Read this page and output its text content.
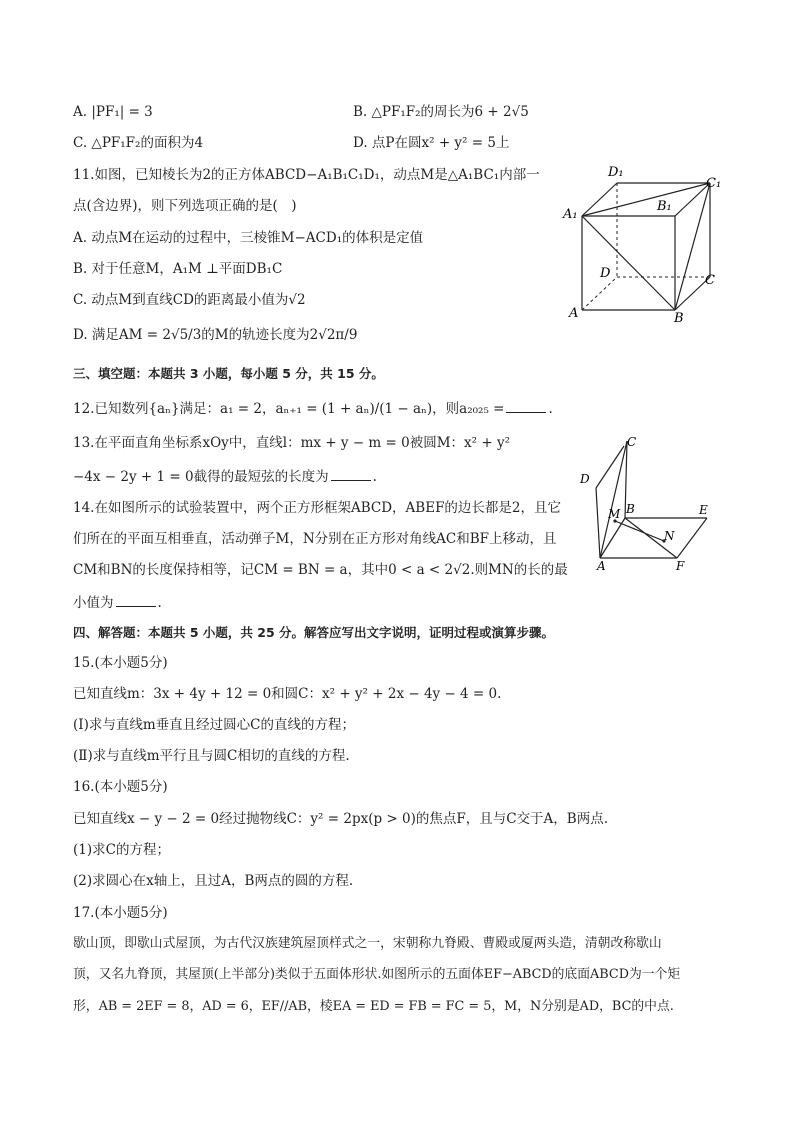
A. |PF₁| = 3	B. △PF₁F₂的周长为6 + 2√5
C. △PF₁F₂的面积为4	D. 点P在圆x² + y² = 5上
11.如图，已知棱长为2的正方体ABCD−A₁B₁C₁D₁，动点M是△A₁BC₁内部一
点(含边界)，则下列选项正确的是(　)
A. 动点M在运动的过程中，三棱锥M−ACD₁的体积是定值
B. 对于任意M，A₁M ⊥平面DB₁C
C. 动点M到直线CD的距离最小值为√2
D. 满足AM = 2√5/3的M的轨迹长度为2√2π/9
D₁
C₁
A₁
B₁
D	C
A	B
三、填空题：本题共 3 小题，每小题 5 分，共 15 分。
12.已知数列{aₙ}满足：a₁ = 2，aₙ₊₁ = (1 + aₙ)/(1 − aₙ)，则a₂₀₂₅ =	.
13.在平面直角坐标系xOy中，直线l：mx + y − m = 0被圆M：x² + y²
−4x − 2y + 1 = 0截得的最短弦的长度为	.
14.在如图所示的试验装置中，两个正方形框架ABCD，ABEF的边长都是2，且它
们所在的平面互相垂直，活动弹子M，N分别在正方形对角线AC和BF上移动，且
CM和BN的长度保持相等，记CM = BN = a，其中0 < a < 2√2.则MN的长的最
小值为	.
C
D
B	E
M
N
A	F
四、解答题：本题共 5 小题，共 25 分。解答应写出文字说明，证明过程或演算步骤。
15.(本小题5分)
已知直线m：3x + 4y + 12 = 0和圆C：x² + y² + 2x − 4y − 4 = 0.
(Ⅰ)求与直线m垂直且经过圆心C的直线的方程；
(Ⅱ)求与直线m平行且与圆C相切的直线的方程.
16.(本小题5分)
已知直线x − y − 2 = 0经过抛物线C：y² = 2px(p > 0)的焦点F，且与C交于A，B两点.
(1)求C的方程；
(2)求圆心在x轴上，且过A，B两点的圆的方程.
17.(本小题5分)
歇山顶，即歇山式屋顶，为古代汉族建筑屋顶样式之一，宋朝称九脊殿、曹殿或厦两头造，清朝改称歇山
顶，又名九脊顶，其屋顶(上半部分)类似于五面体形状.如图所示的五面体EF−ABCD的底面ABCD为一个矩
形，AB = 2EF = 8，AD = 6，EF//AB，棱EA = ED = FB = FC = 5，M，N分别是AD，BC的中点.
